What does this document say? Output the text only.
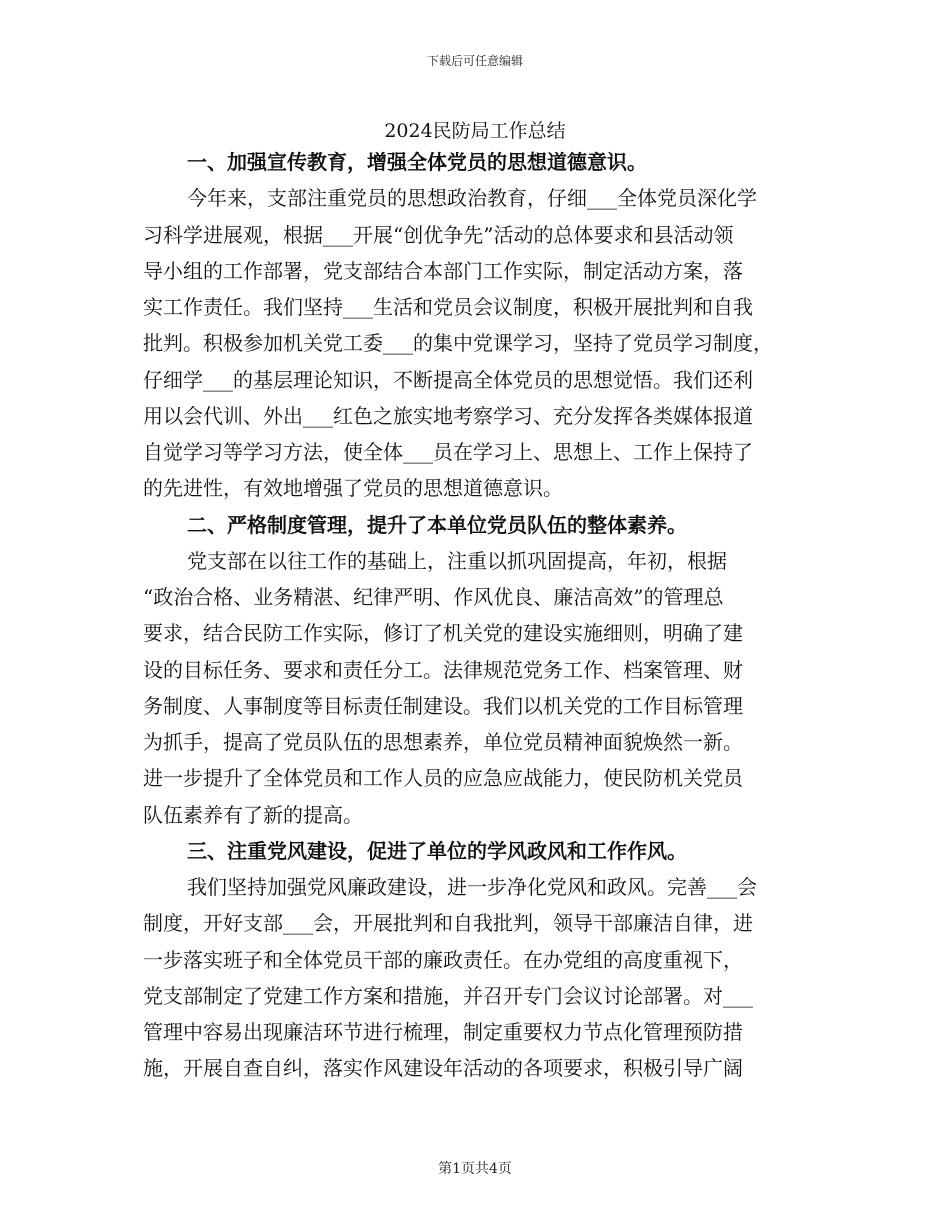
下载后可任意编辑
2024民防局工作总结
一、加强宣传教育，增强全体党员的思想道德意识。
今年来，支部注重党员的思想政治教育，仔细___全体党员深化学
习科学进展观，根据___开展“创优争先”活动的总体要求和县活动领
导小组的工作部署，党支部结合本部门工作实际，制定活动方案，落
实工作责任。我们坚持___生活和党员会议制度，积极开展批判和自我
批判。积极参加机关党工委___的集中党课学习，坚持了党员学习制度，
仔细学___的基层理论知识，不断提高全体党员的思想觉悟。我们还利
用以会代训、外出___红色之旅实地考察学习、充分发挥各类媒体报道
自觉学习等学习方法，使全体___员在学习上、思想上、工作上保持了
的先进性，有效地增强了党员的思想道德意识。
二、严格制度管理，提升了本单位党员队伍的整体素养。
党支部在以往工作的基础上，注重以抓巩固提高，年初，根据
“政治合格、业务精湛、纪律严明、作风优良、廉洁高效”的管理总
要求，结合民防工作实际，修订了机关党的建设实施细则，明确了建
设的目标任务、要求和责任分工。法律规范党务工作、档案管理、财
务制度、人事制度等目标责任制建设。我们以机关党的工作目标管理
为抓手，提高了党员队伍的思想素养，单位党员精神面貌焕然一新。
进一步提升了全体党员和工作人员的应急应战能力，使民防机关党员
队伍素养有了新的提高。
三、注重党风建设，促进了单位的学风政风和工作作风。
我们坚持加强党风廉政建设，进一步净化党风和政风。完善___会
制度，开好支部___会，开展批判和自我批判，领导干部廉洁自律，进
一步落实班子和全体党员干部的廉政责任。在办党组的高度重视下，
党支部制定了党建工作方案和措施，并召开专门会议讨论部署。对___
管理中容易出现廉洁环节进行梳理，制定重要权力节点化管理预防措
施，开展自查自纠，落实作风建设年活动的各项要求，积极引导广阔
第1页共4页
